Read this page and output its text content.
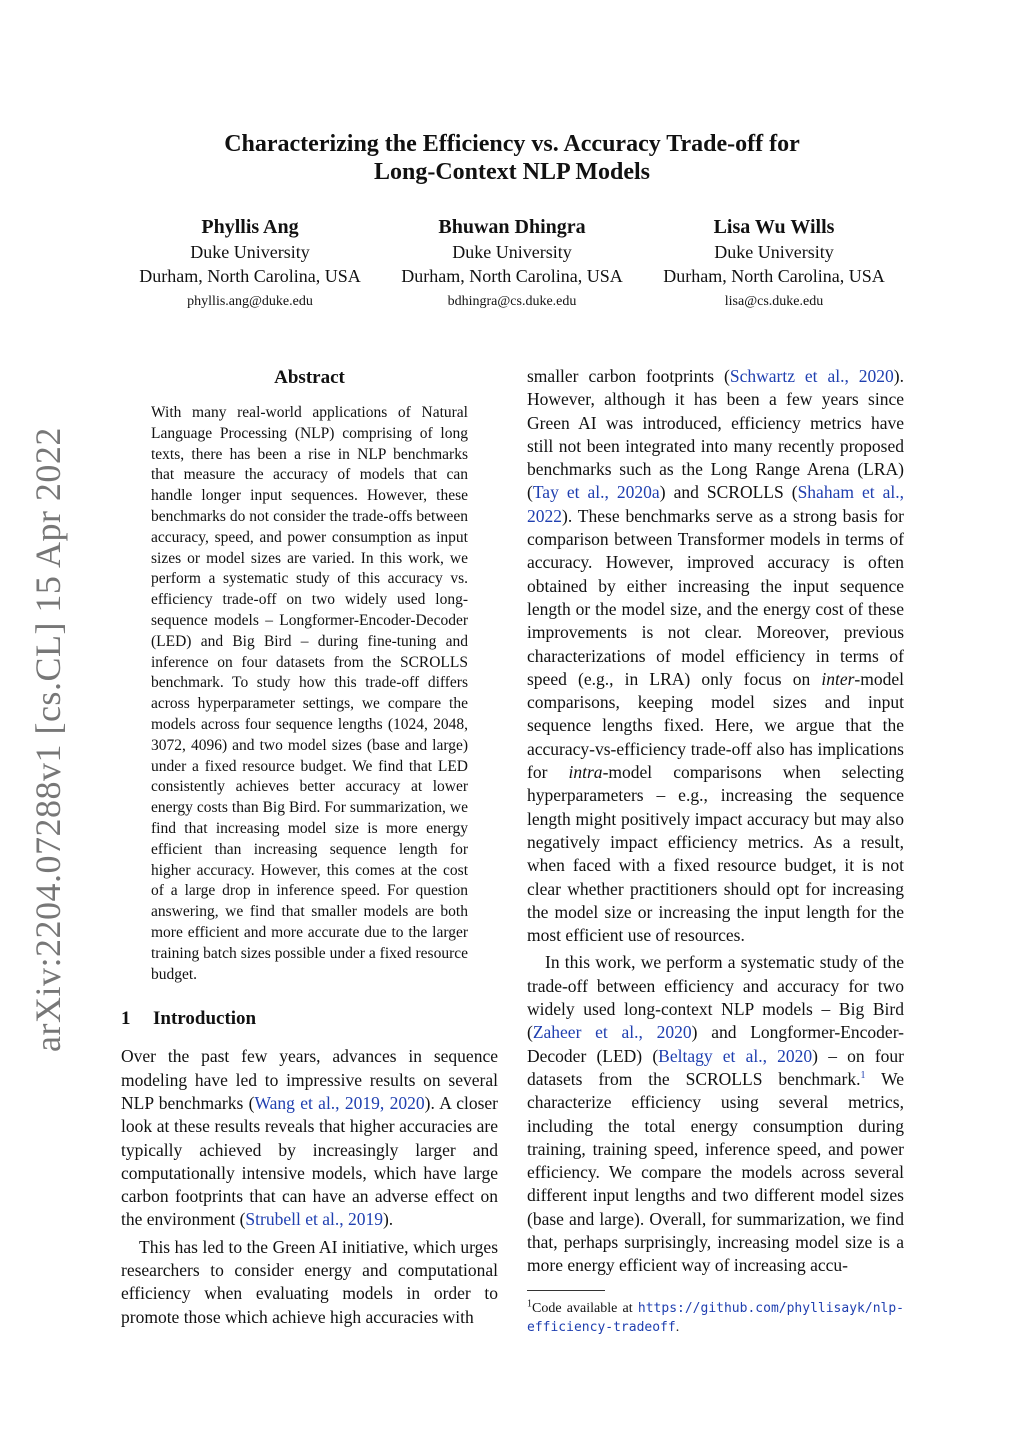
arXiv:2204.07288v1 [cs.CL] 15 Apr 2022
Characterizing the Efficiency vs. Accuracy Trade-off for
Long-Context NLP Models
Phyllis Ang
Duke University
Durham, North Carolina, USA
phyllis.ang@duke.edu
Bhuwan Dhingra
Duke University
Durham, North Carolina, USA
bdhingra@cs.duke.edu
Lisa Wu Wills
Duke University
Durham, North Carolina, USA
lisa@cs.duke.edu
Abstract

With many real-world applications of Natural Language Processing (NLP) comprising of long texts, there has been a rise in NLP benchmarks that measure the accuracy of models that can handle longer input sequences. However, these benchmarks do not consider the trade-offs between accuracy, speed, and power consumption as input sizes or model sizes are varied. In this work, we perform a systematic study of this accuracy vs. efficiency trade-off on two widely used long-sequence models – Longformer-Encoder-Decoder (LED) and Big Bird – during fine-tuning and inference on four datasets from the SCROLLS benchmark. To study how this trade-off differs across hyperparameter settings, we compare the models across four sequence lengths (1024, 2048, 3072, 4096) and two model sizes (base and large) under a fixed resource budget. We find that LED consistently achieves better accuracy at lower energy costs than Big Bird. For summarization, we find that increasing model size is more energy efficient than increasing sequence length for higher accuracy. However, this comes at the cost of a large drop in inference speed. For question answering, we find that smaller models are both more efficient and more accurate due to the larger training batch sizes possible under a fixed resource budget.

1 Introduction

Over the past few years, advances in sequence modeling have led to impressive results on several NLP benchmarks (Wang et al., 2019, 2020). A closer look at these results reveals that higher accuracies are typically achieved by increasingly larger and computationally intensive models, which have large carbon footprints that can have an adverse effect on the environment (Strubell et al., 2019).

This has led to the Green AI initiative, which urges researchers to consider energy and computational efficiency when evaluating models in order to promote those which achieve high accuracies with

smaller carbon footprints (Schwartz et al., 2020). However, although it has been a few years since Green AI was introduced, efficiency metrics have still not been integrated into many recently proposed benchmarks such as the Long Range Arena (LRA) (Tay et al., 2020a) and SCROLLS (Shaham et al., 2022). These benchmarks serve as a strong basis for comparison between Transformer models in terms of accuracy. However, improved accuracy is often obtained by either increasing the input sequence length or the model size, and the energy cost of these improvements is not clear. Moreover, previous characterizations of model efficiency in terms of speed (e.g., in LRA) only focus on inter-model comparisons, keeping model sizes and input sequence lengths fixed. Here, we argue that the accuracy-vs-efficiency trade-off also has implications for intra-model comparisons when selecting hyperparameters – e.g., increasing the sequence length might positively impact accuracy but may also negatively impact efficiency metrics. As a result, when faced with a fixed resource budget, it is not clear whether practitioners should opt for increasing the model size or increasing the input length for the most efficient use of resources.

In this work, we perform a systematic study of the trade-off between efficiency and accuracy for two widely used long-context NLP models – Big Bird (Zaheer et al., 2020) and Longformer-Encoder-Decoder (LED) (Beltagy et al., 2020) – on four datasets from the SCROLLS benchmark.$^1$ We characterize efficiency using several metrics, including the total energy consumption during training, training speed, inference speed, and power efficiency. We compare the models across several different input lengths and two different model sizes (base and large). Overall, for summarization, we find that, perhaps surprisingly, increasing model size is a more energy efficient way of increasing accu-

$^1$Code available at https://github.com/phyllisayk/nlp-efficiency-tradeoff.
